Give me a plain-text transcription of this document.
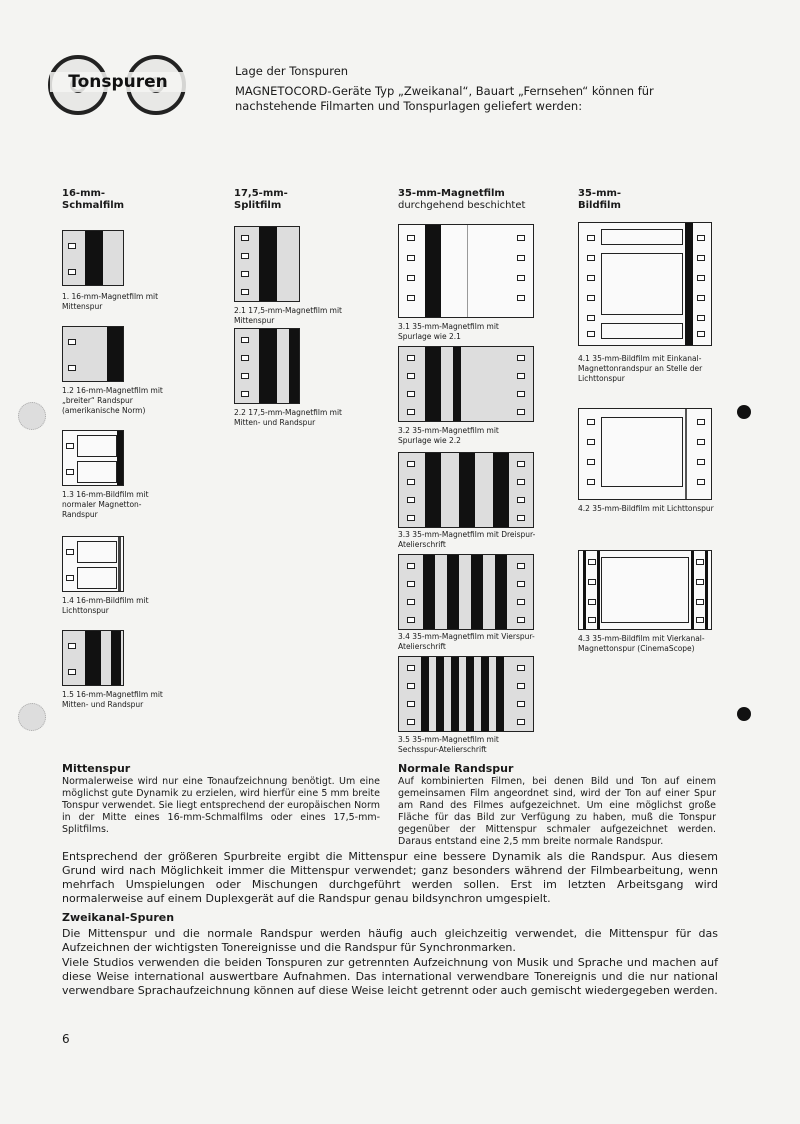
Tonspuren
Lage der Tonspuren
MAGNETOCORD-Geräte Typ „Zweikanal“, Bauart „Fernsehen“ können für nachstehende Filmarten und Tonspurlagen geliefert werden:
16-mm-Schmalfilm
17,5-mm-Splitfilm
35-mm-Magnetfilm
durchgehend beschichtet
35-mm-Bildfilm
1. 16-mm-Magnetfilm mit Mittenspur
1.2 16-mm-Magnetfilm mit „breiter“ Randspur (amerikanische Norm)
1.3 16-mm-Bildfilm mit normaler Magnetton-Randspur
1.4 16-mm-Bildfilm mit Lichttonspur
1.5 16-mm-Magnetfilm mit Mitten- und Randspur
2.1 17,5-mm-Magnetfilm mit Mittenspur
2.2 17,5-mm-Magnetfilm mit Mitten- und Randspur
3.1 35-mm-Magnetfilm mit Spurlage wie 2.1
3.2 35-mm-Magnetfilm mit Spurlage wie 2.2
3.3 35-mm-Magnetfilm mit Dreispur-Atelierschrift
3.4 35-mm-Magnetfilm mit Vierspur-Atelierschrift
3.5 35-mm-Magnetfilm mit Sechsspur-Atelierschrift
4.1 35-mm-Bildfilm mit Einkanal-Magnettonrandspur an Stelle der Lichttonspur
4.2 35-mm-Bildfilm mit Lichttonspur
4.3 35-mm-Bildfilm mit Vierkanal-Magnettonspur (CinemaScope)
Mittenspur
Normalerweise wird nur eine Tonaufzeichnung benötigt. Um eine möglichst gute Dynamik zu erzielen, wird hierfür eine 5 mm breite Tonspur verwendet. Sie liegt entsprechend der europäischen Norm in der Mitte eines 16-mm-Schmalfilms oder eines 17,5-mm-Splitfilms.
Normale Randspur
Auf kombinierten Filmen, bei denen Bild und Ton auf einem gemeinsamen Film angeordnet sind, wird der Ton auf einer Spur am Rand des Filmes aufgezeichnet. Um eine möglichst große Fläche für das Bild zur Verfügung zu haben, muß die Tonspur gegenüber der Mittenspur schmaler aufgezeichnet werden. Daraus entstand eine 2,5 mm breite normale Randspur.
Entsprechend der größeren Spurbreite ergibt die Mittenspur eine bessere Dynamik als die Randspur. Aus diesem Grund wird nach Möglichkeit immer die Mittenspur verwendet; ganz besonders während der Filmbearbeitung, wenn mehrfach Umspielungen oder Mischungen durchgeführt werden sollen. Erst im letzten Arbeitsgang wird normalerweise auf einem Duplexgerät auf die Randspur genau bildsynchron umgespielt.
Zweikanal-Spuren
Die Mittenspur und die normale Randspur werden häufig auch gleichzeitig verwendet, die Mittenspur für das Aufzeichnen der wichtigsten Tonereignisse und die Randspur für Synchronmarken.
Viele Studios verwenden die beiden Tonspuren zur getrennten Aufzeichnung von Musik und Sprache und machen auf diese Weise international auswertbare Aufnahmen. Das international verwendbare Tonereignis und die nur national verwendbare Sprachaufzeichnung können auf diese Weise leicht getrennt oder auch gemischt wiedergegeben werden.
6
